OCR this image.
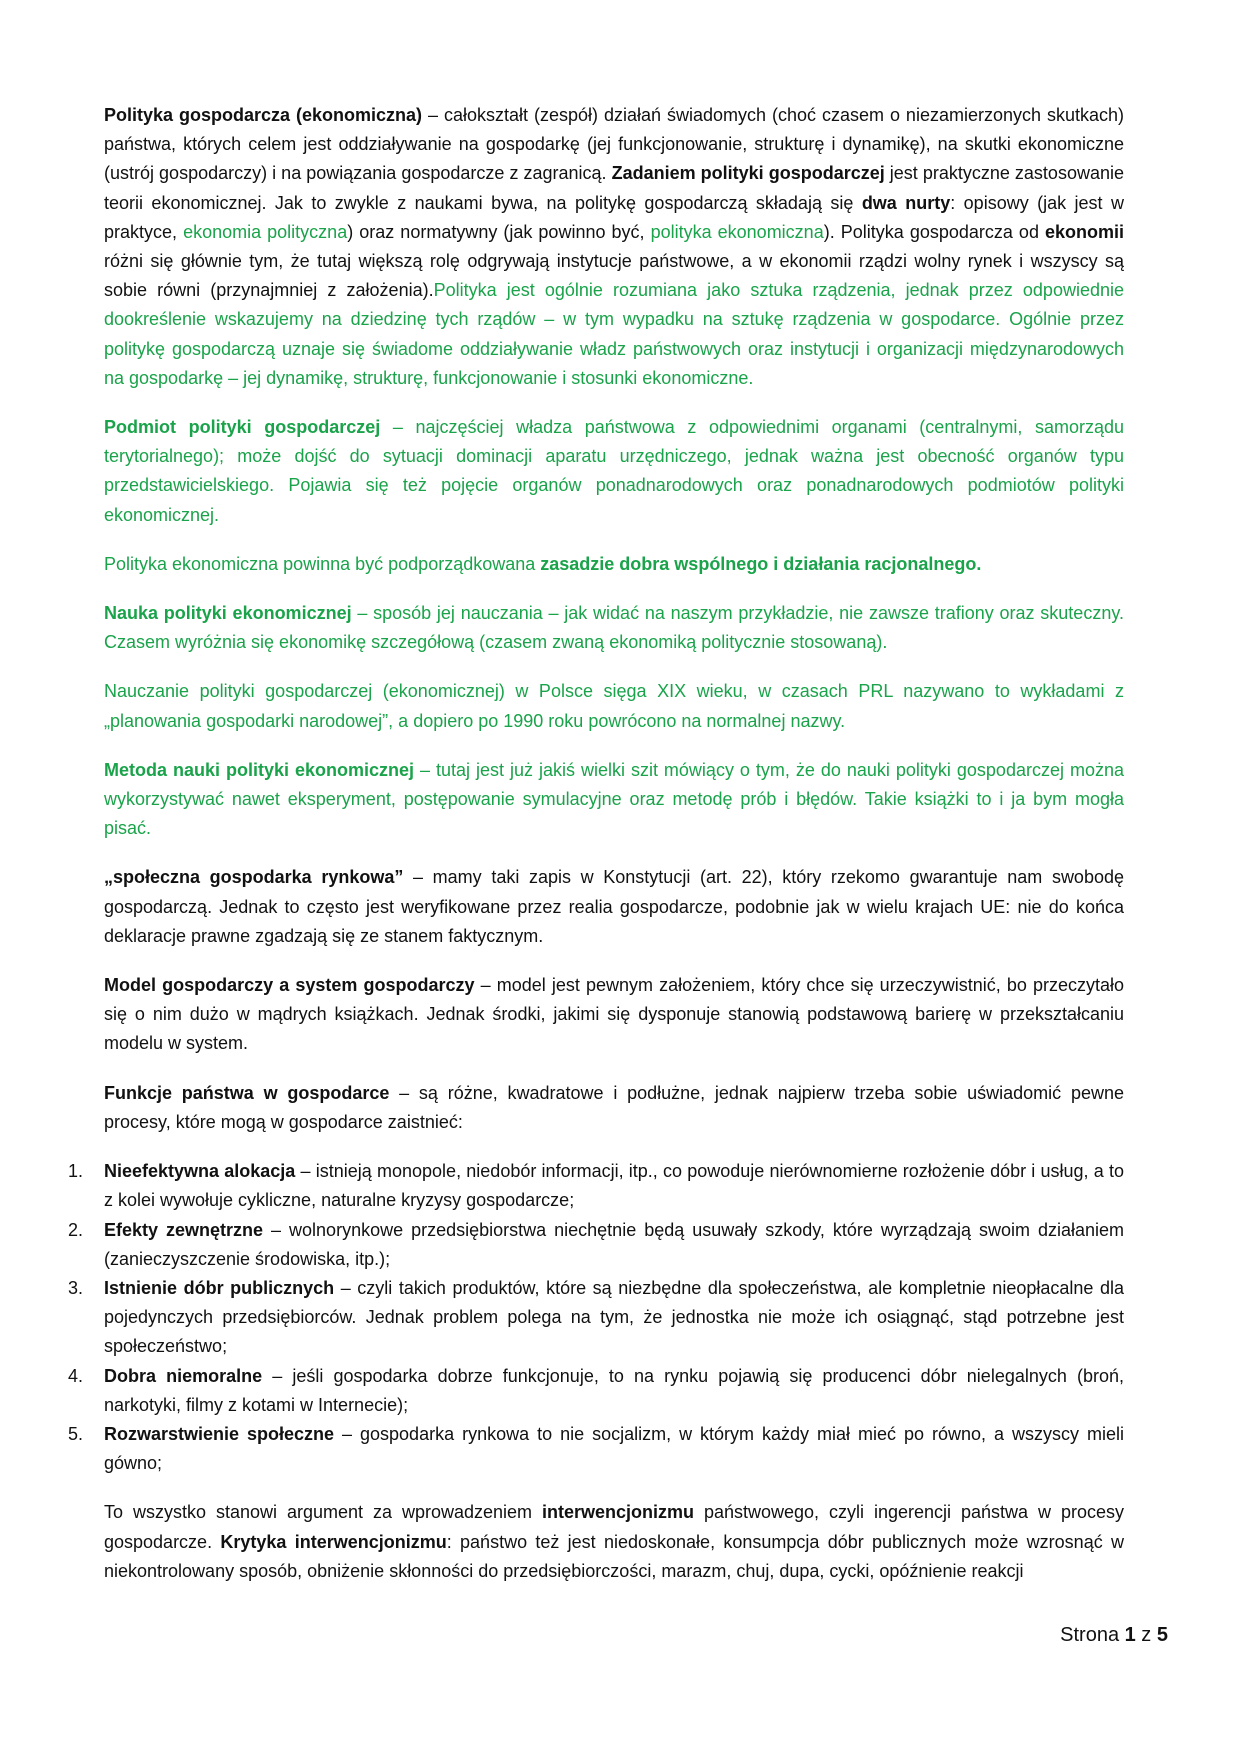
Polityka gospodarcza (ekonomiczna) – całokształt (zespół) działań świadomych (choć czasem o niezamierzonych skutkach) państwa, których celem jest oddziaływanie na gospodarkę (jej funkcjonowanie, strukturę i dynamikę), na skutki ekonomiczne (ustrój gospodarczy) i na powiązania gospodarcze z zagranicą. Zadaniem polityki gospodarczej jest praktyczne zastosowanie teorii ekonomicznej. Jak to zwykle z naukami bywa, na politykę gospodarczą składają się dwa nurty: opisowy (jak jest w praktyce, ekonomia polityczna) oraz normatywny (jak powinno być, polityka ekonomiczna). Polityka gospodarcza od ekonomii różni się głównie tym, że tutaj większą rolę odgrywają instytucje państwowe, a w ekonomii rządzi wolny rynek i wszyscy są sobie równi (przynajmniej z założenia).Polityka jest ogólnie rozumiana jako sztuka rządzenia, jednak przez odpowiednie dookreślenie wskazujemy na dziedzinę tych rządów – w tym wypadku na sztukę rządzenia w gospodarce. Ogólnie przez politykę gospodarczą uznaje się świadome oddziaływanie władz państwowych oraz instytucji i organizacji międzynarodowych na gospodarkę – jej dynamikę, strukturę, funkcjonowanie i stosunki ekonomiczne.

Podmiot polityki gospodarczej – najczęściej władza państwowa z odpowiednimi organami (centralnymi, samorządu terytorialnego); może dojść do sytuacji dominacji aparatu urzędniczego, jednak ważna jest obecność organów typu przedstawicielskiego. Pojawia się też pojęcie organów ponadnarodowych oraz ponadnarodowych podmiotów polityki ekonomicznej.

Polityka ekonomiczna powinna być podporządkowana zasadzie dobra wspólnego i działania racjonalnego.

Nauka polityki ekonomicznej – sposób jej nauczania – jak widać na naszym przykładzie, nie zawsze trafiony oraz skuteczny. Czasem wyróżnia się ekonomikę szczegółową (czasem zwaną ekonomiką politycznie stosowaną).

Nauczanie polityki gospodarczej (ekonomicznej) w Polsce sięga XIX wieku, w czasach PRL nazywano to wykładami z „planowania gospodarki narodowej”, a dopiero po 1990 roku powrócono na normalnej nazwy.

Metoda nauki polityki ekonomicznej – tutaj jest już jakiś wielki szit mówiący o tym, że do nauki polityki gospodarczej można wykorzystywać nawet eksperyment, postępowanie symulacyjne oraz metodę prób i błędów. Takie książki to i ja bym mogła pisać.

„społeczna gospodarka rynkowa” – mamy taki zapis w Konstytucji (art. 22), który rzekomo gwarantuje nam swobodę gospodarczą. Jednak to często jest weryfikowane przez realia gospodarcze, podobnie jak w wielu krajach UE: nie do końca deklaracje prawne zgadzają się ze stanem faktycznym.

Model gospodarczy a system gospodarczy – model jest pewnym założeniem, który chce się urzeczywistnić, bo przeczytało się o nim dużo w mądrych książkach. Jednak środki, jakimi się dysponuje stanowią podstawową barierę w przekształcaniu modelu w system.

Funkcje państwa w gospodarce – są różne, kwadratowe i podłużne, jednak najpierw trzeba sobie uświadomić pewne procesy, które mogą w gospodarce zaistnieć:

1.	Nieefektywna alokacja – istnieją monopole, niedobór informacji, itp., co powoduje nierównomierne rozłożenie dóbr i usług, a to z kolei wywołuje cykliczne, naturalne kryzysy gospodarcze;
2.	Efekty zewnętrzne – wolnorynkowe przedsiębiorstwa niechętnie będą usuwały szkody, które wyrządzają swoim działaniem (zanieczyszczenie środowiska, itp.);
3.	Istnienie dóbr publicznych – czyli takich produktów, które są niezbędne dla społeczeństwa, ale kompletnie nieopłacalne dla pojedynczych przedsiębiorców. Jednak problem polega na tym, że jednostka nie może ich osiągnąć, stąd potrzebne jest społeczeństwo;
4.	Dobra niemoralne – jeśli gospodarka dobrze funkcjonuje, to na rynku pojawią się producenci dóbr nielegalnych (broń, narkotyki, filmy z kotami w Internecie);
5.	Rozwarstwienie społeczne – gospodarka rynkowa to nie socjalizm, w którym każdy miał mieć po równo, a wszyscy mieli gówno;

To wszystko stanowi argument za wprowadzeniem interwencjonizmu państwowego, czyli ingerencji państwa w procesy gospodarcze. Krytyka interwencjonizmu: państwo też jest niedoskonałe, konsumpcja dóbr publicznych może wzrosnąć w niekontrolowany sposób, obniżenie skłonności do przedsiębiorczości, marazm, chuj, dupa, cycki, opóźnienie reakcji

Strona 1 z 5
